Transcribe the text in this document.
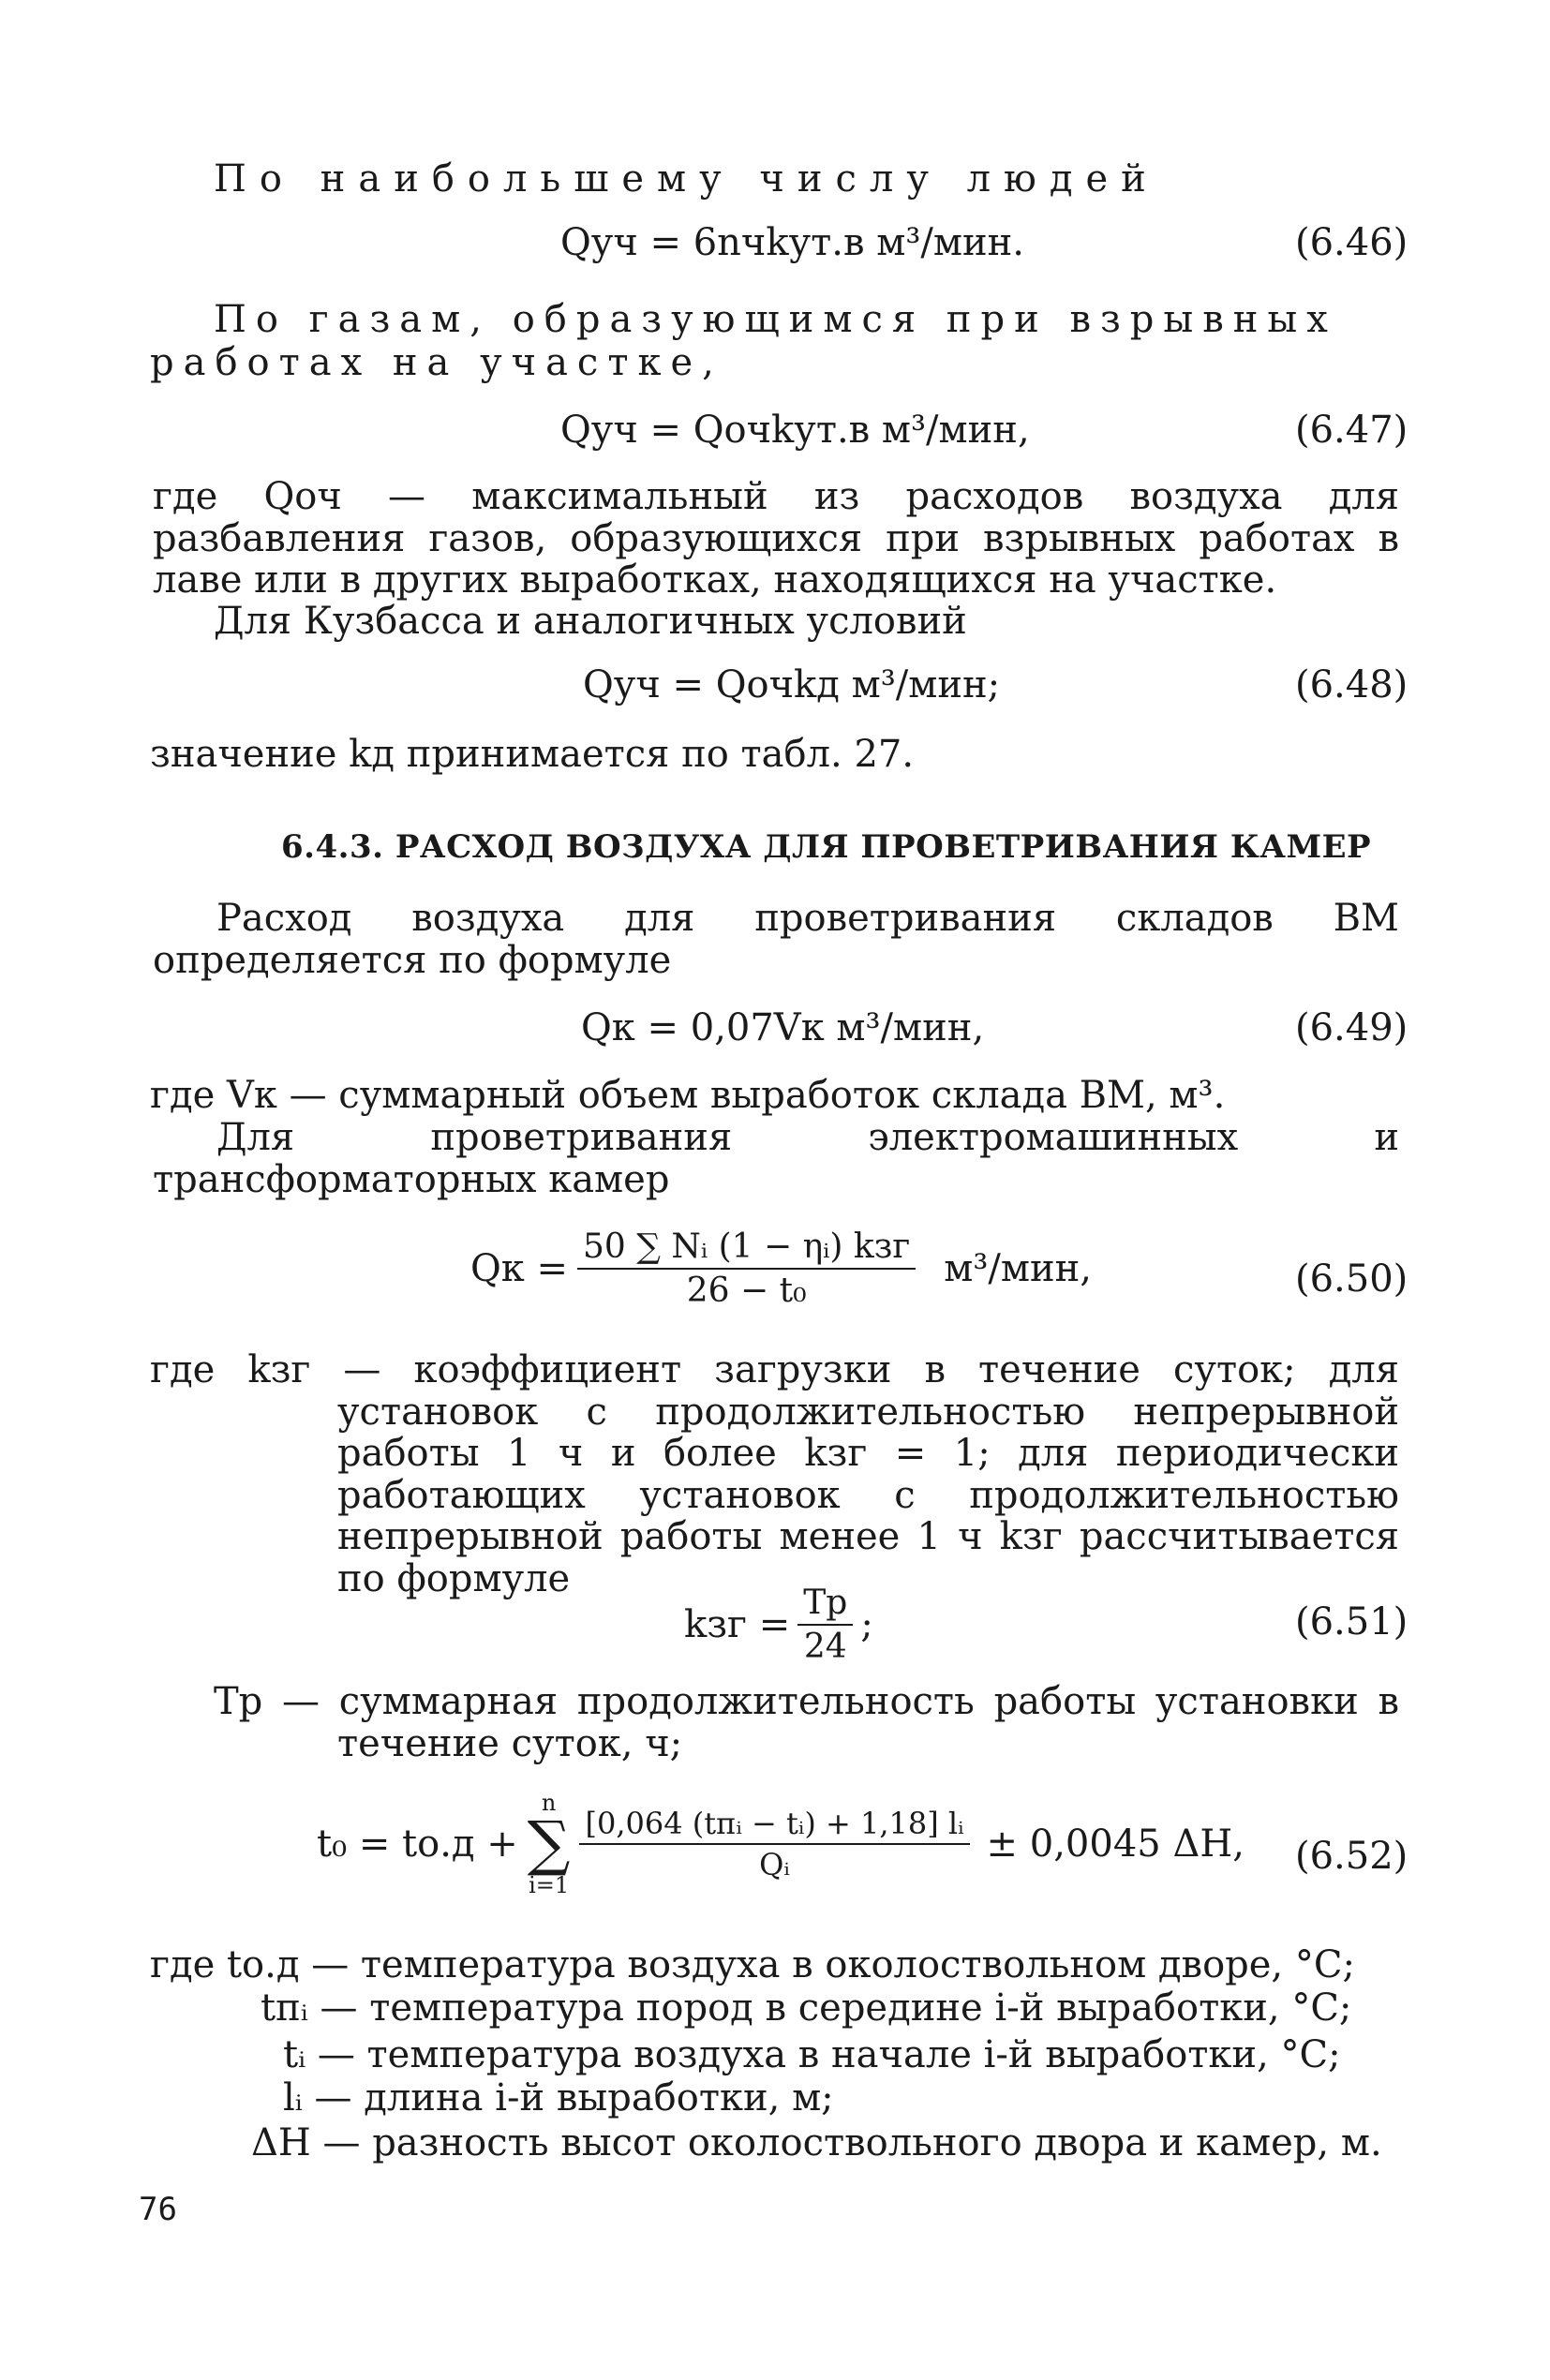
По наибольшему числу людей
Qуч = 6nчkут.в м³/мин.	(6.46)
По газам, образующимся при взрывных
работах на участке,
Qуч = Qочkут.в м³/мин,	(6.47)
где Qоч — максимальный из расходов воздуха для разбавления газов, образующихся при взрывных работах в лаве или в других выработках, находящихся на участке.
Для Кузбасса и аналогичных условий
Qуч = Qочkд м³/мин;	(6.48)
значение kд принимается по табл. 27.
6.4.3. РАСХОД ВОЗДУХА ДЛЯ ПРОВЕТРИВАНИЯ КАМЕР
Расход воздуха для проветривания складов ВМ определяется по формуле
Qк = 0,07Vк м³/мин,	(6.49)
где Vк — суммарный объем выработок склада ВМ, м³.
Для проветривания электромашинных и трансформаторных камер
Qк = $\frac{\text{50 ∑ Nᵢ (1 − ηᵢ) kзг}}{\text{26 − t₀}} м^3/мин$,	(6.50)
где kзг — коэффициент загрузки в течение суток; для установок с продолжительностью непрерывной работы 1 ч и более kзг = 1; для периодически работающих установок с продолжительностью непрерывной работы менее 1 ч kзг рассчитывается по формуле
kзг = $\frac{Tр}{24}$ ;	(6.51)
Tр — суммарная продолжительность работы установки в течение суток, ч;
t₀ = tо.д +
n
∑
i=1
$\frac{\text{[0,064 (tпᵢ − tᵢ) + 1,18] lᵢ}}{\text{Qᵢ}} \pm 0,0045$ ΔH, (6.52)
где tо.д — температура воздуха в околоствольном дворе, °C;
tпᵢ — температура пород в середине i-й выработки, °C;
tᵢ — температура воздуха в начале i-й выработки, °C;
lᵢ — длина i-й выработки, м;
ΔH — разность высот околоствольного двора и камер, м.
76
